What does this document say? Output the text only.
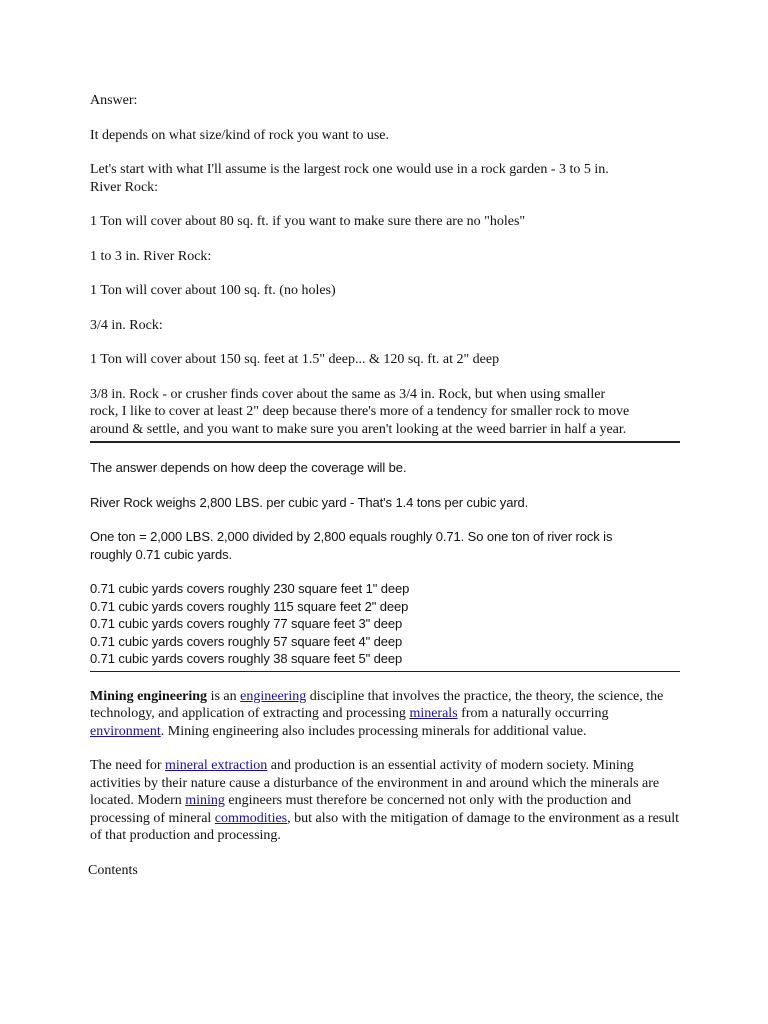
Answer:

It depends on what size/kind of rock you want to use.

Let's start with what I'll assume is the largest rock one would use in a rock garden - 3 to 5 in.
River Rock:

1 Ton will cover about 80 sq. ft. if you want to make sure there are no "holes"

1 to 3 in. River Rock:

1 Ton will cover about 100 sq. ft. (no holes)

3/4 in. Rock:

1 Ton will cover about 150 sq. feet at 1.5" deep... & 120 sq. ft. at 2" deep

3/8 in. Rock - or crusher finds cover about the same as 3/4 in. Rock, but when using smaller
rock, I like to cover at least 2" deep because there's more of a tendency for smaller rock to move
around & settle, and you want to make sure you aren't looking at the weed barrier in half a year.

The answer depends on how deep the coverage will be.

River Rock weighs 2,800 LBS. per cubic yard - That's 1.4 tons per cubic yard.

One ton = 2,000 LBS. 2,000 divided by 2,800 equals roughly 0.71. So one ton of river rock is
roughly 0.71 cubic yards.

0.71 cubic yards covers roughly 230 square feet 1" deep

0.71 cubic yards covers roughly 115 square feet 2" deep

0.71 cubic yards covers roughly 77 square feet 3" deep

0.71 cubic yards covers roughly 57 square feet 4" deep

0.71 cubic yards covers roughly 38 square feet 5" deep

Mining engineering is an engineering discipline that involves the practice, the theory, the science, the technology, and application of extracting and processing minerals from a naturally occurring environment. Mining engineering also includes processing minerals for additional value.

The need for mineral extraction and production is an essential activity of modern society. Mining activities by their nature cause a disturbance of the environment in and around which the minerals are located. Modern mining engineers must therefore be concerned not only with the production and processing of mineral commodities, but also with the mitigation of damage to the environment as a result of that production and processing.

Contents
